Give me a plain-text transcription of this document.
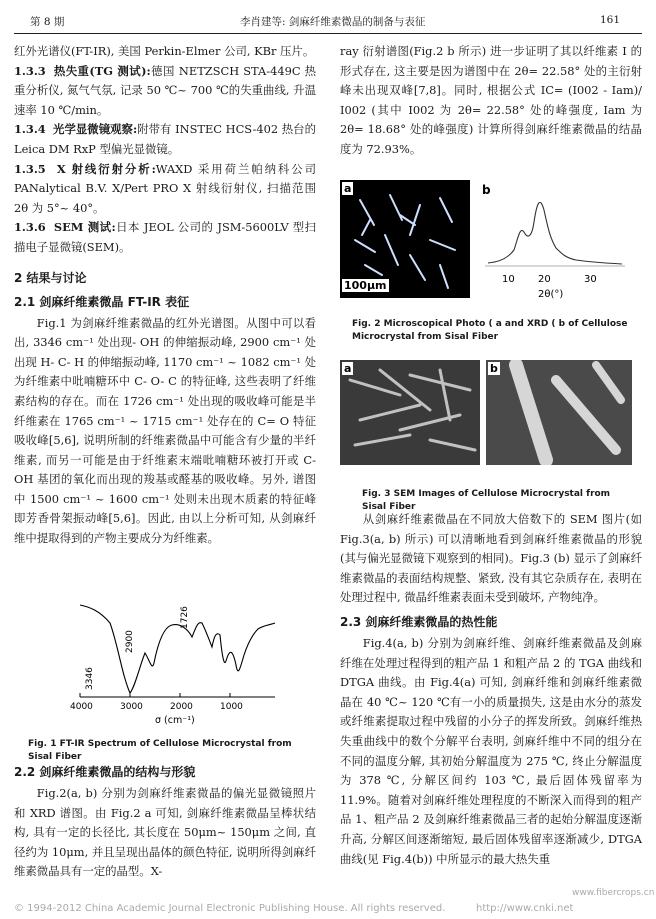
第 8 期	李肖建等: 剑麻纤维素微晶的制备与表征	161

红外光谱仪(FT-IR), 美国 Perkin-Elmer 公司, KBr 压片。

1.3.3 热失重(TG 测试):德国 NETZSCH STA-449C 热重分析仪, 氮气气氛, 记录 50 ℃~ 700 ℃的失重曲线, 升温速率 10 ℃/min。

1.3.4 光学显微镜观察:附带有 INSTEC HCS-402 热台的 Leica DM RxP 型偏光显微镜。

1.3.5 X 射线衍射分析:WAXD 采用荷兰帕纳科公司 PANalytical B.V. X/Pert PRO X 射线衍射仪, 扫描范围 2θ 为 5°~ 40°。

1.3.6 SEM 测试:日本 JEOL 公司的 JSM-5600LV 型扫描电子显微镜(SEM)。

2 结果与讨论
2.1 剑麻纤维素微晶 FT-IR 表征

Fig.1 为剑麻纤维素微晶的红外光谱图。从图中可以看出, 3346 cm⁻¹ 处出现- OH 的伸缩振动峰, 2900 cm⁻¹ 处出现 H- C- H 的伸缩振动峰, 1170 cm⁻¹ ~ 1082 cm⁻¹ 处为纤维素中吡喃糖环中 C- O- C 的特征峰, 这些表明了纤维素结构的存在。而在 1726 cm⁻¹ 处出现的吸收峰可能是半纤维素在 1765 cm⁻¹ ~ 1715 cm⁻¹ 处存在的 C= O 特征吸收峰[5,6], 说明所制的纤维素微晶中可能含有少量的半纤维素, 而另一可能是由于纤维素末端吡喃糖环被打开或 C- OH 基团的氧化而出现的羧基或醛基的吸收峰。另外, 谱图中 1500 cm⁻¹ ~ 1600 cm⁻¹ 处则未出现木质素的特征峰即芳香骨架振动峰[5,6]。因此, 由以上分析可知, 从剑麻纤维中提取得到的产物主要成分为纤维素。

3346
2900
1726
4000	3000	2000	1000
σ (cm⁻¹)
Fig. 1 FT-IR Spectrum of Cellulose Microcrystal from Sisal Fiber
2.2 剑麻纤维素微晶的结构与形貌

Fig.2(a, b) 分别为剑麻纤维素微晶的偏光显微镜照片和 XRD 谱图。由 Fig.2 a 可知, 剑麻纤维素微晶呈棒状结构, 具有一定的长径比, 其长度在 50μm~ 150μm 之间, 直径约为 10μm, 并且呈现出晶体的颜色特征, 说明所得剑麻纤维素微晶具有一定的晶型。X-

ray 衍射谱图(Fig.2 b 所示) 进一步证明了其以纤维素 I 的形式存在, 这主要是因为谱图中在 2θ= 22.58° 处的主衍射峰未出现双峰[7,8]。同时, 根据公式 IC= (I002 - Iam)/ I002 (其中 I002 为 2θ= 22.58° 处的峰强度, Iam 为 2θ= 18.68° 处的峰强度) 计算所得剑麻纤维素微晶的结晶度为 72.93%。

a
100μm
b
10 20	30
2θ(°)
Fig. 2 Microscopical Photo ( a and XRD ( b of Cellulose Microcrystal from Sisal Fiber
a	b
Fig. 3 SEM Images of Cellulose Microcrystal from Sisal Fiber

从剑麻纤维素微晶在不同放大倍数下的 SEM 图片(如 Fig.3(a, b) 所示) 可以清晰地看到剑麻纤维素微晶的形貌(其与偏光显微镜下观察到的相同)。Fig.3 (b) 显示了剑麻纤维素微晶的表面结构规整、紧致, 没有其它杂质存在, 表明在处理过程中, 微晶纤维素表面未受到破坏, 产物纯净。

2.3 剑麻纤维素微晶的热性能

Fig.4(a, b) 分别为剑麻纤维、剑麻纤维素微晶及剑麻纤维在处理过程得到的粗产品 1 和粗产品 2 的 TGA 曲线和 DTGA 曲线。由 Fig.4(a) 可知, 剑麻纤维和剑麻纤维素微晶在 40 ℃~ 120 ℃有一小的质量损失, 这是由水分的蒸发或纤维素提取过程中残留的小分子的挥发所致。剑麻纤维热失重曲线中的数个分解平台表明, 剑麻纤维中不同的组分在不同的温度分解, 其初始分解温度为 275 ℃, 终止分解温度为 378 ℃, 分解区间约 103 ℃, 最后固体残留率为 11.9%。随着对剑麻纤维处理程度的不断深入而得到的粗产品 1、粗产品 2 及剑麻纤维素微晶三者的起始分解温度逐渐升高, 分解区间逐渐缩短, 最后固体残留率逐渐减少, DTGA 曲线(见 Fig.4(b)) 中所显示的最大热失重

© 1994-2012 China Academic Journal Electronic Publishing House. All rights reserved.	http://www.cnki.net
www.fibercrops.cn
